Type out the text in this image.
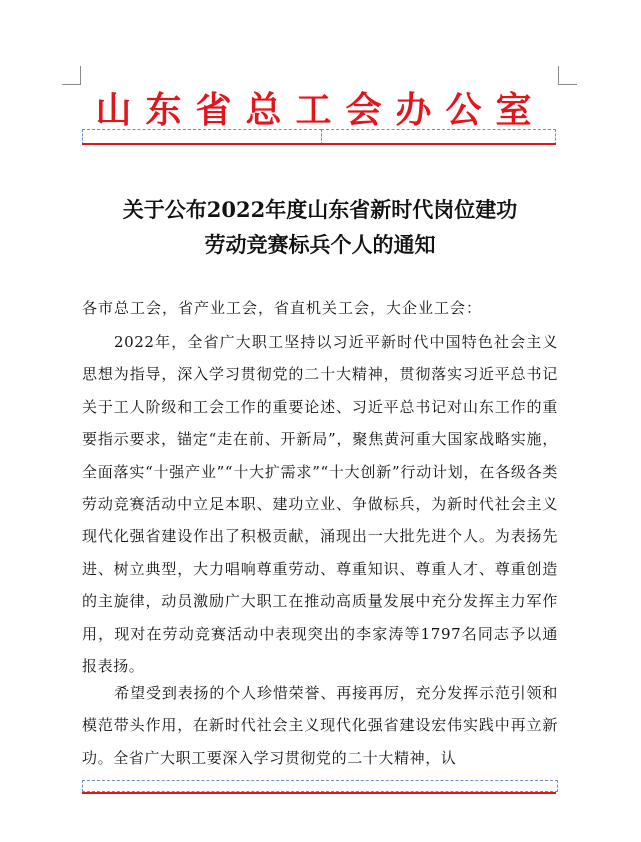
山东省总工会办公室
关于公布2022年度山东省新时代岗位建功
劳动竞赛标兵个人的通知
各市总工会，省产业工会，省直机关工会，大企业工会：
2022年，全省广大职工坚持以习近平新时代中国特色社会主义思想为指导，深入学习贯彻党的二十大精神，贯彻落实习近平总书记关于工人阶级和工会工作的重要论述、习近平总书记对山东工作的重要指示要求，锚定“走在前、开新局”，聚焦黄河重大国家战略实施，全面落实“十强产业”“十大扩需求”“十大创新”行动计划，在各级各类劳动竞赛活动中立足本职、建功立业、争做标兵，为新时代社会主义现代化强省建设作出了积极贡献，涌现出一大批先进个人。为表扬先进、树立典型，大力唱响尊重劳动、尊重知识、尊重人才、尊重创造的主旋律，动员激励广大职工在推动高质量发展中充分发挥主力军作用，现对在劳动竞赛活动中表现突出的李家涛等1797名同志予以通报表扬。
希望受到表扬的个人珍惜荣誉、再接再厉，充分发挥示范引领和模范带头作用，在新时代社会主义现代化强省建设宏伟实践中再立新功。全省广大职工要深入学习贯彻党的二十大精神，认
